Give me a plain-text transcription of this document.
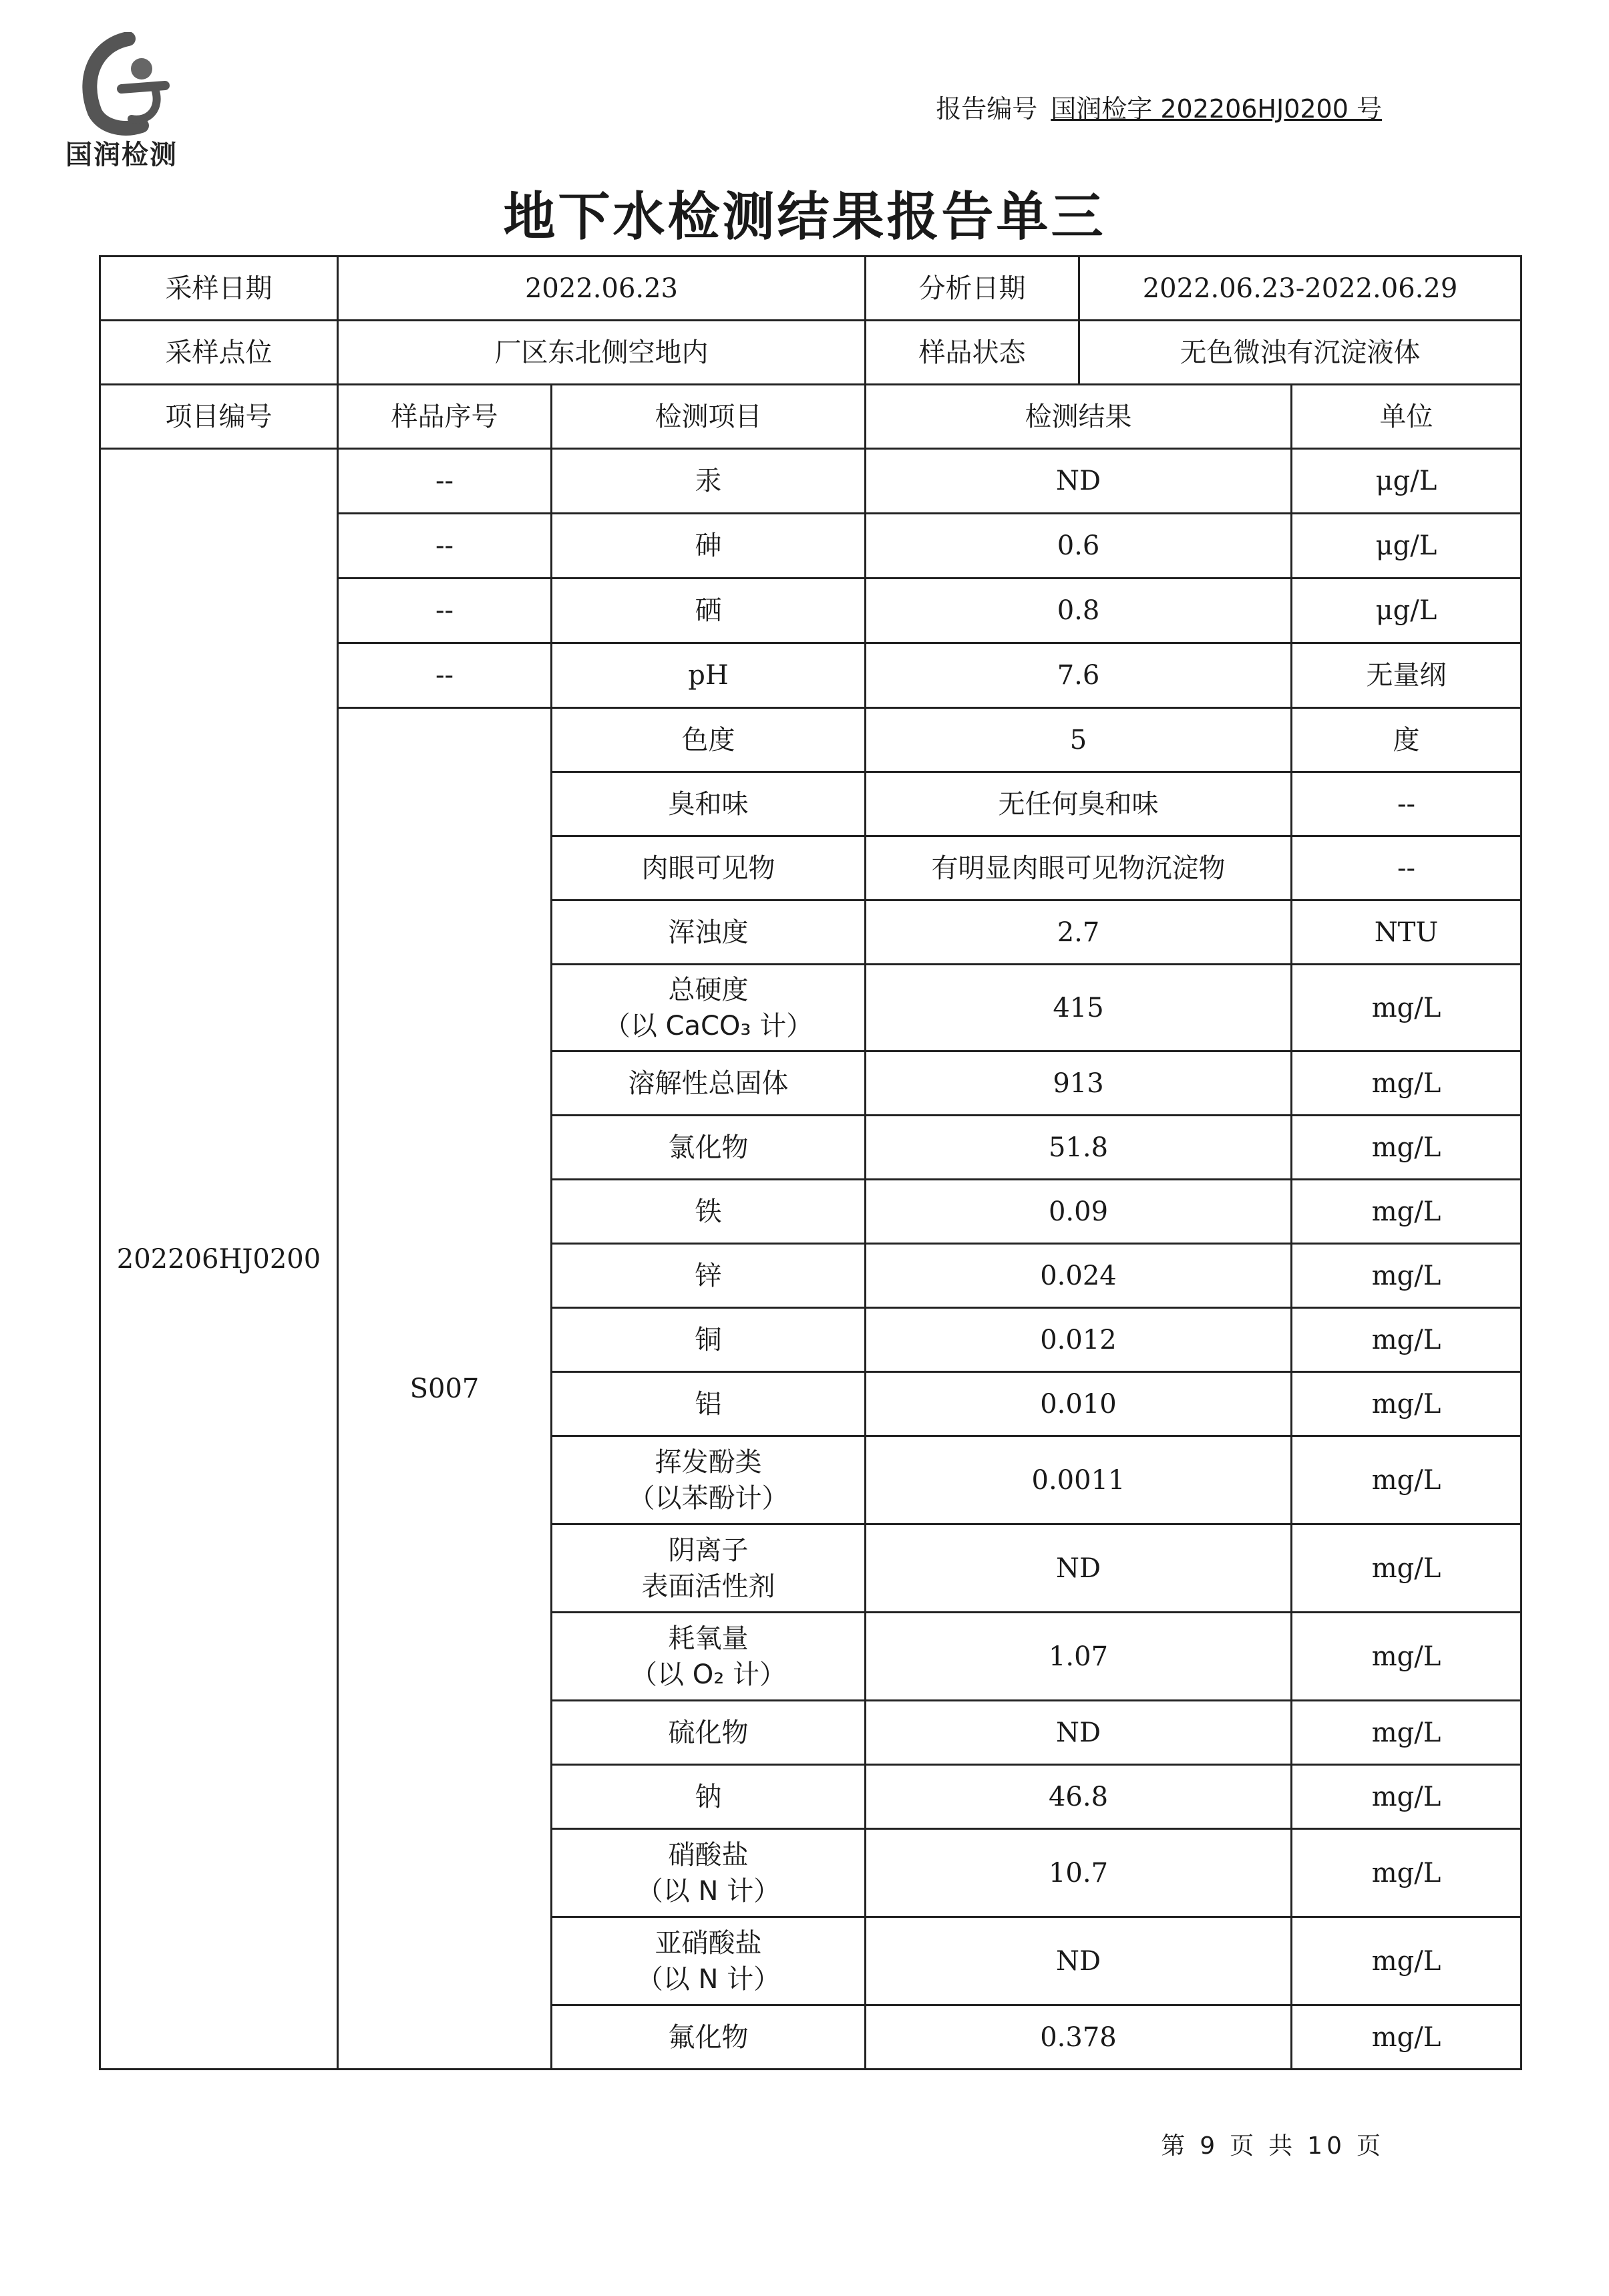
国润检测
报告编号 国润检字 202206HJ0200 号
地下水检测结果报告单三
采样日期	2022.06.23		分析日期	2022.06.23-2022.06.29	
采样点位	厂区东北侧空地内		样品状态	无色微浊有沉淀液体	
项目编号	样品序号	检测项目	检测结果		单位
202206HJ0200	--	汞	ND		μg/L
	--	砷	0.6		μg/L
	--	硒	0.8		μg/L
	--	pH	7.6		无量纲
	S007	色度	5		度
		臭和味	无任何臭和味		--
		肉眼可见物	有明显肉眼可见物沉淀物		--
		浑浊度	2.7		NTU

		总硬度
（以 CaCO₃ 计）	415		mg/L
		溶解性总固体	913		mg/L
		氯化物	51.8		mg/L
		铁	0.09		mg/L
		锌	0.024		mg/L
		铜	0.012		mg/L
		铝	0.010		mg/L

		挥发酚类
（以苯酚计）	0.0011		mg/L

		阴离子
表面活性剂	ND		mg/L

		耗氧量
（以 O₂ 计）	1.07		mg/L
		硫化物	ND		mg/L
		钠	46.8		mg/L

		硝酸盐
（以 N 计）	10.7		mg/L

		亚硝酸盐
（以 N 计）	ND		mg/L
		氟化物	0.378		mg/L
第 9 页 共 10 页
